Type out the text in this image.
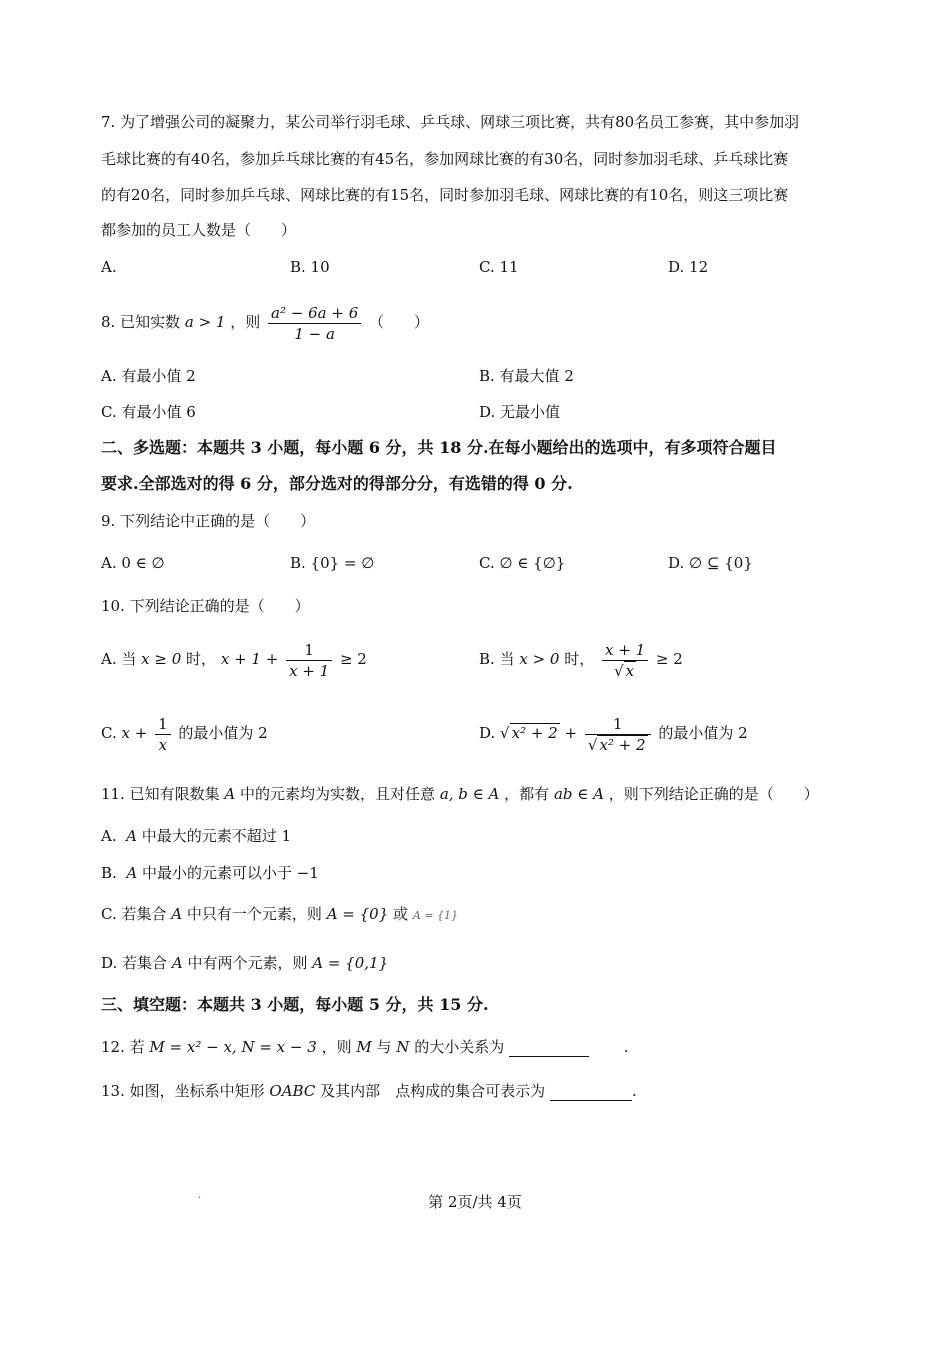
7. 为了增强公司的凝聚力，某公司举行羽毛球、乒乓球、网球三项比赛，共有80名员工参赛，其中参加羽
毛球比赛的有40名，参加乒乓球比赛的有45名，参加网球比赛的有30名，同时参加羽毛球、乒乓球比赛
的有20名，同时参加乒乓球、网球比赛的有15名，同时参加羽毛球、网球比赛的有10名，则这三项比赛
都参加的员工人数是（　　）
A.	B. 10	C. 11	D. 12
8. 已知实数 a > 1 ，则 $\frac{\text{a² − 6a + 6}}{1 - a}$ （　　）
A. 有最小值 2	B. 有最大值 2
C. 有最小值 6	D. 无最小值
二、多选题：本题共 3 小题，每小题 6 分，共 18 分.在每小题给出的选项中，有多项符合题目
要求.全部选对的得 6 分，部分选对的得部分分，有选错的得 0 分.
9. 下列结论中正确的是（　　）
A. 0 ∈ ∅	B. {0} = ∅	C. ∅ ∈ {∅}	D. ∅ ⊆ {0}
10. 下列结论正确的是（　　）
A. 当 x ≥ 0 时， $x + 1 + \frac{1}{x + 1} \ge 2$	B. 当 x > 0 时， $\frac{x + 1}{√ x} \ge 2$
C. $x + \frac{1}{x}$ 的最小值为 2	D. √ $x^2 + 2 + \frac{1}{\text{√ x² + 2}}$ 的最小值为 2
11. 已知有限数集 A 中的元素均为实数，且对任意 a, b ∈ A ，都有 ab ∈ A ，则下列结论正确的是（　　）
A.  A 中最大的元素不超过 1
B.  A 中最小的元素可以小于 −1
C. 若集合 A 中只有一个元素，则 A = {0} 或 A = {1}
D. 若集合 A 中有两个元素，则 A = {0,1}
三、填空题：本题共 3 小题，每小题 5 分，共 15 分.
12. 若 M = x² − x, N = x − 3 ，则 M 与 N 的大小关系为	.
13. 如图，坐标系中矩形 OABC 及其内部　点构成的集合可表示为	.
.	第 2页/共 4页
